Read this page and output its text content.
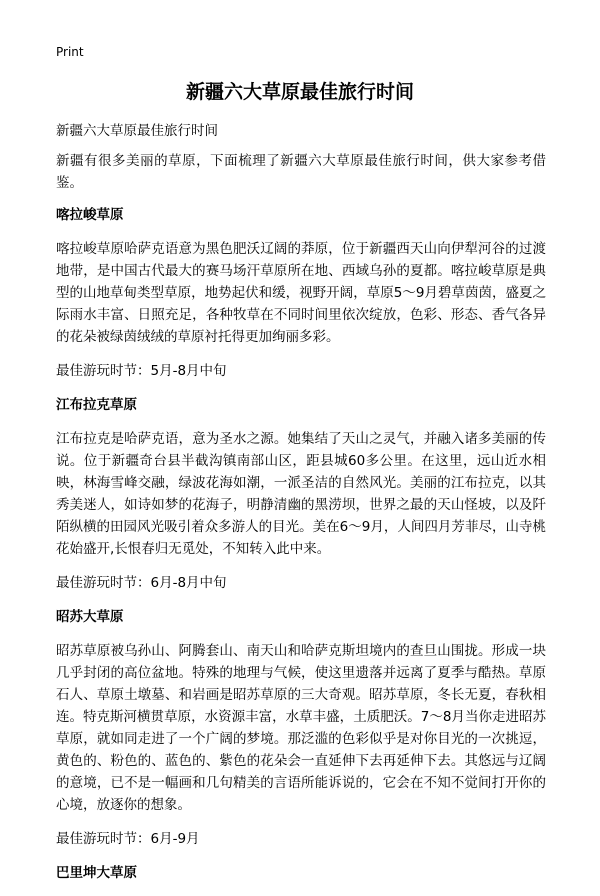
Print
新疆六大草原最佳旅行时间

新疆六大草原最佳旅行时间

新疆有很多美丽的草原，下面梳理了新疆六大草原最佳旅行时间，供大家参考借鉴。

喀拉峻草原

喀拉峻草原哈萨克语意为黑色肥沃辽阔的莽原，位于新疆西天山向伊犁河谷的过渡地带，是中国古代最大的赛马场汗草原所在地、西域乌孙的夏都。喀拉峻草原是典型的山地草甸类型草原，地势起伏和缓，视野开阔，草原5～9月碧草茵茵，盛夏之际雨水丰富、日照充足，各种牧草在不同时间里依次绽放，色彩、形态、香气各异的花朵被绿茵绒绒的草原衬托得更加绚丽多彩。

最佳游玩时节：5月-8月中旬

江布拉克草原

江布拉克是哈萨克语，意为圣水之源。她集结了天山之灵气，并融入诸多美丽的传说。位于新疆奇台县半截沟镇南部山区，距县城60多公里。在这里，远山近水相映，林海雪峰交融，绿波花海如潮，一派圣洁的自然风光。美丽的江布拉克，以其秀美迷人，如诗如梦的花海子，明静清幽的黑涝坝，世界之最的天山怪坡，以及阡陌纵横的田园风光吸引着众多游人的目光。美在6～9月，人间四月芳菲尽，山寺桃花始盛开,长恨春归无觅处，不知转入此中来。

最佳游玩时节：6月-8月中旬

昭苏大草原

昭苏草原被乌孙山、阿腾套山、南天山和哈萨克斯坦境内的查旦山围拢。形成一块几乎封闭的高位盆地。特殊的地理与气候，使这里遗落并远离了夏季与酷热。草原石人、草原土墩墓、和岩画是昭苏草原的三大奇观。昭苏草原，冬长无夏，春秋相连。特克斯河横贯草原，水资源丰富，水草丰盛，土质肥沃。7～8月当你走进昭苏草原，就如同走进了一个广阔的梦境。那泛滥的色彩似乎是对你目光的一次挑逗，黄色的、粉色的、蓝色的、紫色的花朵会一直延伸下去再延伸下去。其悠远与辽阔的意境，已不是一幅画和几句精美的言语所能诉说的，它会在不知不觉间打开你的心境，放逐你的想象。

最佳游玩时节：6月-9月

巴里坤大草原
